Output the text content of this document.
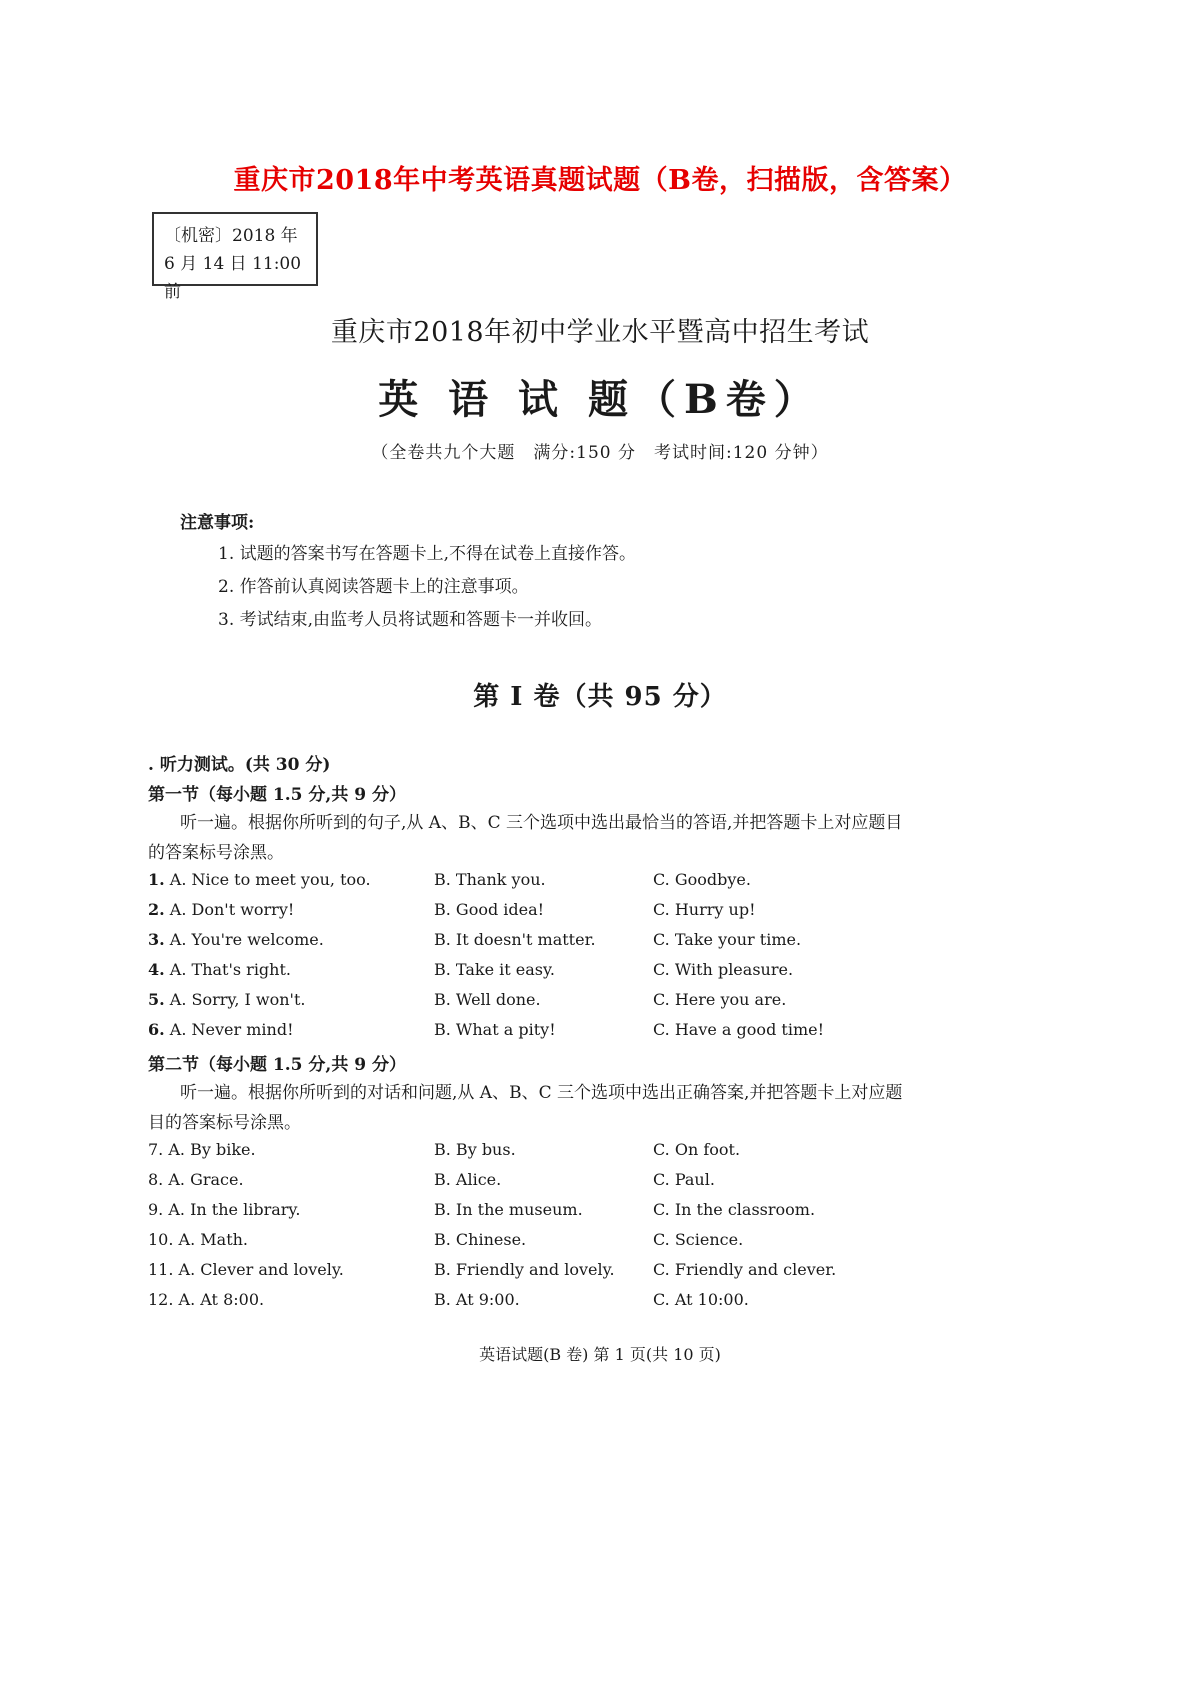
重庆市2018年中考英语真题试题（B卷，扫描版，含答案）
〔机密〕2018 年
6 月 14 日 11:00 前
重庆市2018年初中学业水平暨高中招生考试
英 语 试 题（B卷）
（全卷共九个大题　满分:150 分　考试时间:120 分钟）
注意事项:
1. 试题的答案书写在答题卡上,不得在试卷上直接作答。
2. 作答前认真阅读答题卡上的注意事项。
3. 考试结束,由监考人员将试题和答题卡一并收回。
第 Ⅰ 卷（共 95 分）
. 听力测试。(共 30 分)
第一节（每小题 1.5 分,共 9 分）
听一遍。根据你所听到的句子,从 A、B、C 三个选项中选出最恰当的答语,并把答题卡上对应题目的答案标号涂黑。
1. A. Nice to meet you, too.	B. Thank you.	C. Goodbye.
2. A. Don't worry!	B. Good idea!	C. Hurry up!
3. A. You're welcome.	B. It doesn't matter.	C. Take your time.
4. A. That's right.	B. Take it easy.	C. With pleasure.
5. A. Sorry, I won't.	B. Well done.	C. Here you are.
6. A. Never mind!	B. What a pity!	C. Have a good time!
第二节（每小题 1.5 分,共 9 分）
听一遍。根据你所听到的对话和问题,从 A、B、C 三个选项中选出正确答案,并把答题卡上对应题目的答案标号涂黑。
7. A. By bike.	B. By bus.	C. On foot.
8. A. Grace.	B. Alice.	C. Paul.
9. A. In the library.	B. In the museum.	C. In the classroom.
10. A. Math.	B. Chinese.	C. Science.
11. A. Clever and lovely.	B. Friendly and lovely. C. Friendly and clever.
12. A. At 8:00.	B. At 9:00.	C. At 10:00.
英语试题(B 卷) 第 1 页(共 10 页)
